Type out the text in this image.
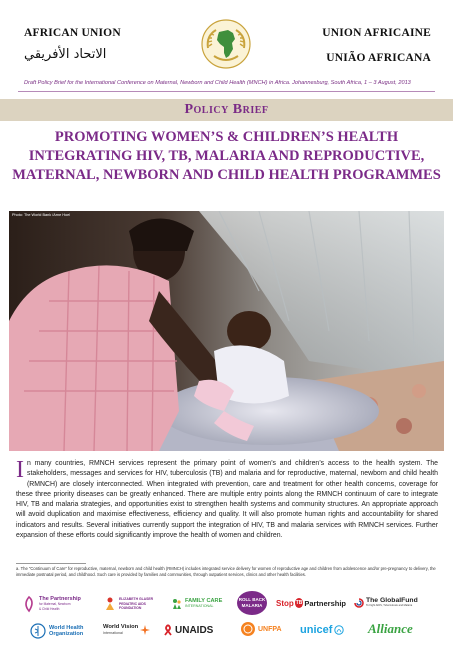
AFRICAN UNION
الاتحاد الأفريقي
UNION AFRICAINE
UNIÃO AFRICANA
Draft Policy Brief for the International Conference on Maternal, Newborn and Child Health (MNCH) in Africa. Johannesburg, South Africa, 1 – 3 August, 2013
Policy Brief
PROMOTING WOMEN’S & CHILDREN’S HEALTH
INTEGRATING HIV, TB, MALARIA AND REPRODUCTIVE, MATERNAL, NEWBORN AND CHILD HEALTH PROGRAMMES
Photo: The World Bank /Arne Hoel
In many countries, RMNCH services represent the primary point of women’s and children’s access to the health system. The stakeholders, messages and services for HIV, tuberculosis (TB) and malaria and for reproductive, maternal, newborn and child health (RMNCH) are closely interconnected. When integrated with prevention, care and treatment for other health concerns, coverage for these three priority diseases can be greatly enhanced. There are multiple entry points along the RMNCH continuum of care to integrate HIV, TB and malaria strategies, and opportunities exist to strengthen health systems and community structures. An appropriate approach will avoid duplication and maximise effectiveness, efficiency and quality. It will also promote human rights and accountability for shared indicators and results. Several initiatives currently support the integration of HIV, TB and malaria services with RMNCH services. Further expansion of these efforts could significantly improve the health of women and children.
a. The “Continuum of Care” for reproductive, maternal, newborn and child health (RMNCH) includes integrated service delivery for women of reproductive age and children from adolescence and/or pre-pregnancy to delivery, the immediate postnatal period, and childhood. Such care is provided by families and communities, through outpatient services, clinics and other health facilities.
The Partnership
for Maternal, Newborn
& Child Health
ELIZABETH GLASER
PEDIATRIC AIDS
FOUNDATION
FAMILY CARE
INTERNATIONAL
ROLL BACK
MALARIA	Stop TB Partnership	The GlobalFund
To Fight AIDS, Tuberculosis and Malaria
World Health
Organization
World Vision
International	UNAIDS	UNFPA unicef	Alliance
